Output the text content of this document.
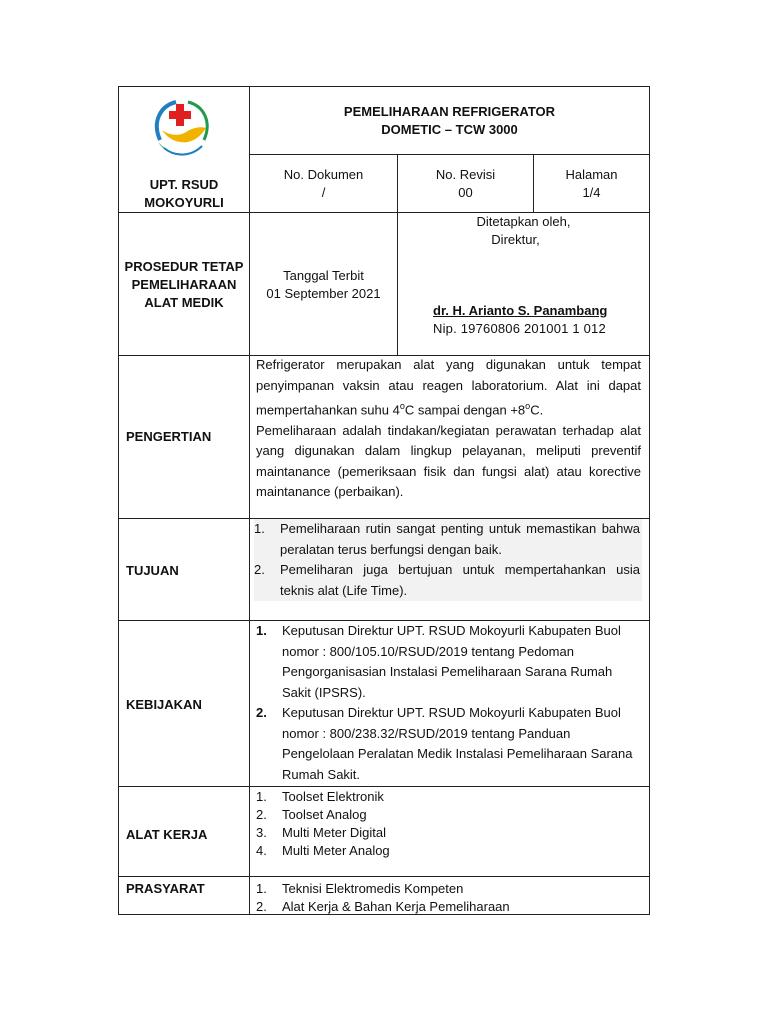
UPT. RSUD MOKOYURLI
PEMELIHARAAN REFRIGERATOR
DOMETIC – TCW 3000
No. Dokumen
/
No. Revisi
00
Halaman
1/4
PROSEDUR TETAP PEMELIHARAAN ALAT MEDIK
Tanggal Terbit
01 September 2021
Ditetapkan oleh,
Direktur,
dr. H. Arianto S. Panambang
Nip. 19760806 201001 1 012
PENGERTIAN
Refrigerator merupakan alat yang digunakan untuk tempat penyimpanan vaksin atau reagen laboratorium. Alat ini dapat mempertahankan suhu 4$^o$C sampai dengan $+8^oC$.
Pemeliharaan adalah tindakan/kegiatan perawatan terhadap alat yang digunakan dalam lingkup pelayanan, meliputi preventif maintanance (pemeriksaan fisik dan fungsi alat) atau korective maintanance (perbaikan).
TUJUAN
1. Pemeliharaan rutin sangat penting untuk memastikan bahwa peralatan terus berfungsi dengan baik.
2. Pemeliharan juga bertujuan untuk mempertahankan usia teknis alat (Life Time).
KEBIJAKAN
1. Keputusan Direktur UPT. RSUD Mokoyurli Kabupaten Buol nomor : 800/105.10/RSUD/2019 tentang Pedoman Pengorganisasian Instalasi Pemeliharaan Sarana Rumah Sakit (IPSRS).
2. Keputusan Direktur UPT. RSUD Mokoyurli Kabupaten Buol nomor : 800/238.32/RSUD/2019 tentang Panduan Pengelolaan Peralatan Medik Instalasi Pemeliharaan Sarana Rumah Sakit.
ALAT KERJA
1. Toolset Elektronik
2. Toolset Analog
3. Multi Meter Digital
4. Multi Meter Analog
PRASYARAT	1. Teknisi Elektromedis Kompeten
2. Alat Kerja & Bahan Kerja Pemeliharaan
